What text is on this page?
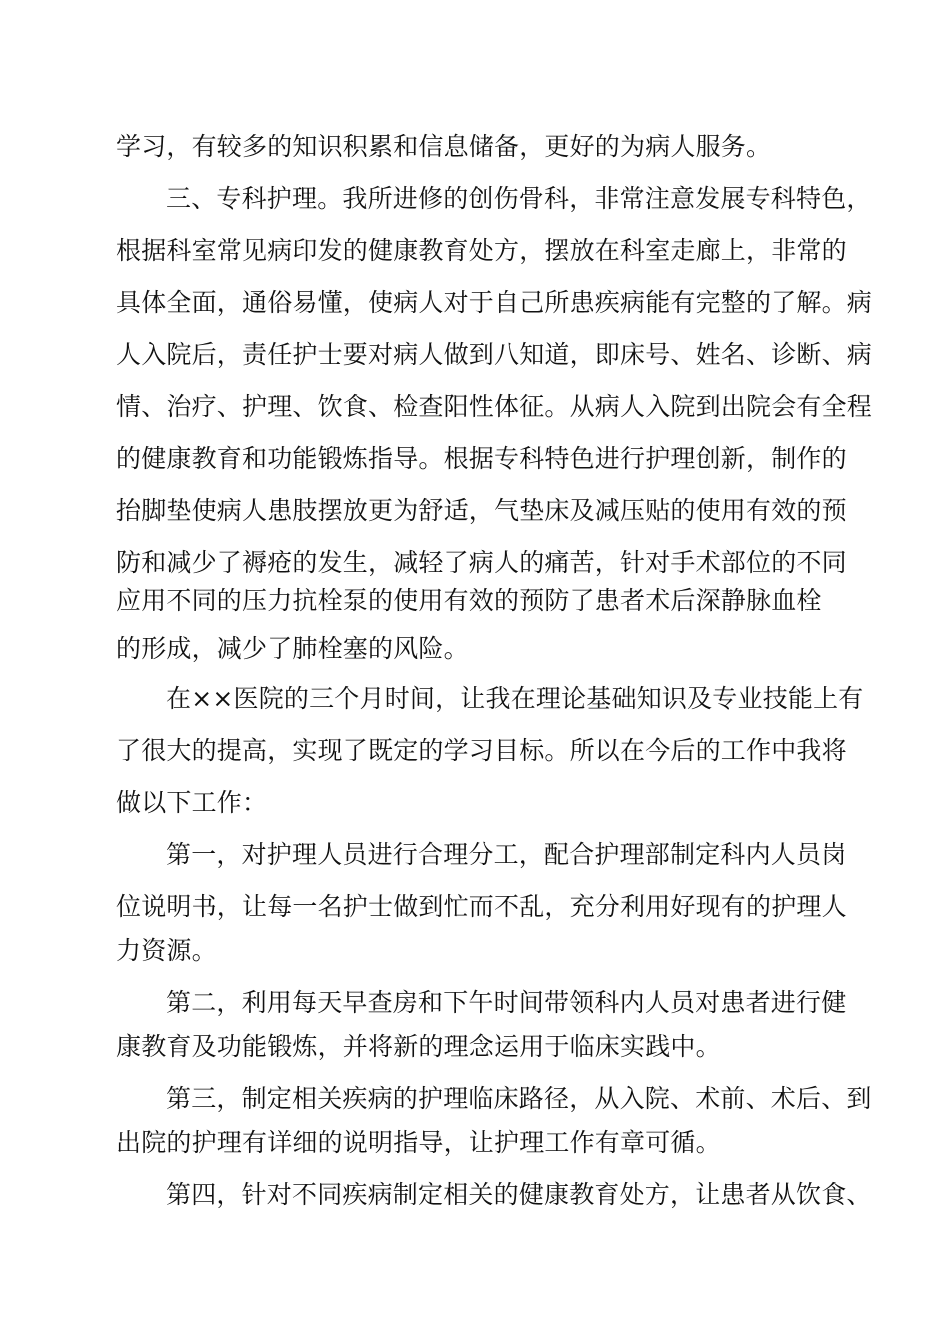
学习，有较多的知识积累和信息储备，更好的为病人服务。
三、专科护理。我所进修的创伤骨科，非常注意发展专科特色，
根据科室常见病印发的健康教育处方，摆放在科室走廊上，非常的
具体全面，通俗易懂，使病人对于自己所患疾病能有完整的了解。病
人入院后，责任护士要对病人做到八知道，即床号、姓名、诊断、病
情、治疗、护理、饮食、检查阳性体征。从病人入院到出院会有全程
的健康教育和功能锻炼指导。根据专科特色进行护理创新，制作的
抬脚垫使病人患肢摆放更为舒适，气垫床及减压贴的使用有效的预
防和减少了褥疮的发生，减轻了病人的痛苦，针对手术部位的不同
应用不同的压力抗栓泵的使用有效的预防了患者术后深静脉血栓
的形成，减少了肺栓塞的风险。
在××医院的三个月时间，让我在理论基础知识及专业技能上有
了很大的提高，实现了既定的学习目标。所以在今后的工作中我将
做以下工作：
第一，对护理人员进行合理分工，配合护理部制定科内人员岗
位说明书，让每一名护士做到忙而不乱，充分利用好现有的护理人
力资源。
第二，利用每天早查房和下午时间带领科内人员对患者进行健
康教育及功能锻炼，并将新的理念运用于临床实践中。
第三，制定相关疾病的护理临床路径，从入院、术前、术后、到
出院的护理有详细的说明指导，让护理工作有章可循。
第四，针对不同疾病制定相关的健康教育处方，让患者从饮食、
